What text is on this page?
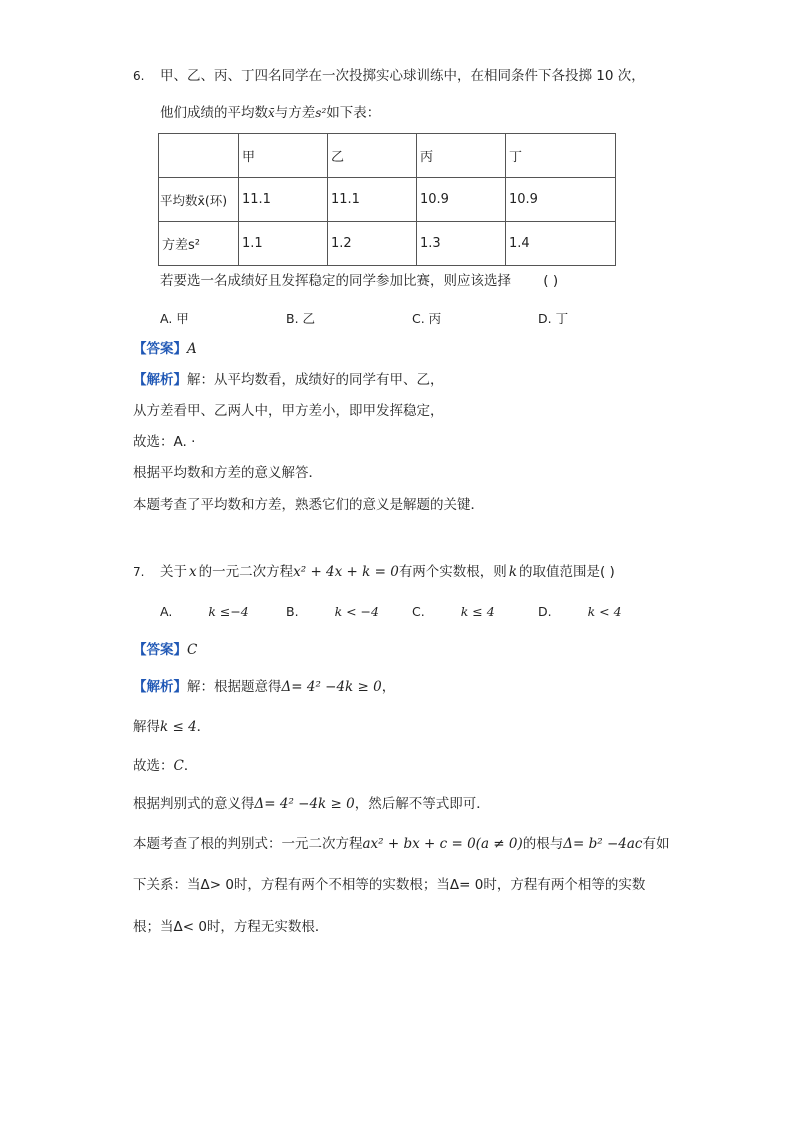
6. 甲、乙、丙、丁四名同学在一次投掷实心球训练中，在相同条件下各投掷 10 次，
他们成绩的平均数x̄与方差s²如下表：
	甲	乙	丙	丁
平均数x̄(环)	11.1	11.1	10.9	10.9
方差s²	1.1	1.2	1.3	1.4
若要选一名成绩好且发挥稳定的同学参加比赛，则应该选择 ( )
A. 甲	B. 乙	C. 丙	D. 丁
【答案】A
【解析】解：从平均数看，成绩好的同学有甲、乙，
从方差看甲、乙两人中，甲方差小，即甲发挥稳定，
故选：A. ·
根据平均数和方差的意义解答．
本题考查了平均数和方差，熟悉它们的意义是解题的关键．
7. 关于 x 的一元二次方程x² + 4x + k = 0有两个实数根，则 k 的取值范围是( )
A.	k ≤−4	B.	k < −4	C.	k ≤ 4	D.	k < 4
【答案】C
【解析】解：根据题意得Δ= 4² −4k ≥ 0，
解得k ≤ 4．
故选：C．
根据判别式的意义得Δ= 4² −4k ≥ 0，然后解不等式即可．
本题考查了根的判别式：一元二次方程ax² + bx + c = 0(a ≠ 0)的根与Δ= b² −4ac有如
下关系：当Δ> 0时，方程有两个不相等的实数根；当Δ= 0时，方程有两个相等的实数
根；当Δ< 0时，方程无实数根．
